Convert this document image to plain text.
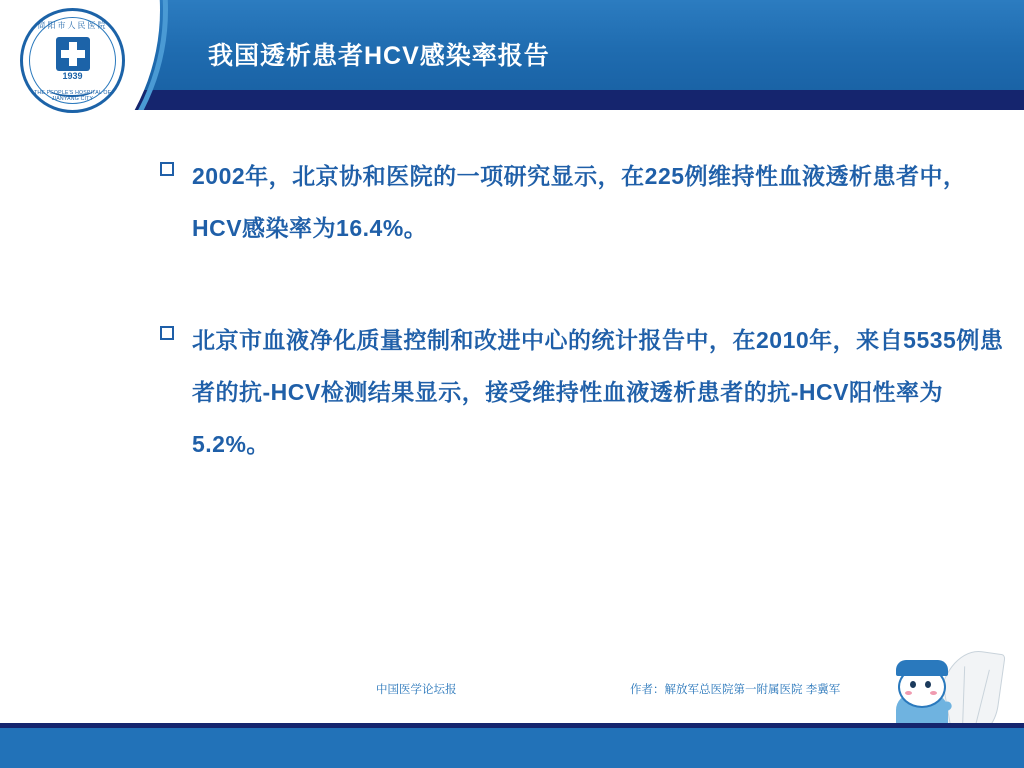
我国透析患者HCV感染率报告
简阳市人民医院
1939
THE PEOPLE'S HOSPITAL OF JIANYANG CITY
2002年，北京协和医院的一项研究显示，在225例维持性血液透析患者中，HCV感染率为16.4%。
北京市血液净化质量控制和改进中心的统计报告中，在2010年，来自5535例患者的抗-HCV检测结果显示，接受维持性血液透析患者的抗-HCV阳性率为5.2%。
中国医学论坛报	作者：解放军总医院第一附属医院 李冀军
